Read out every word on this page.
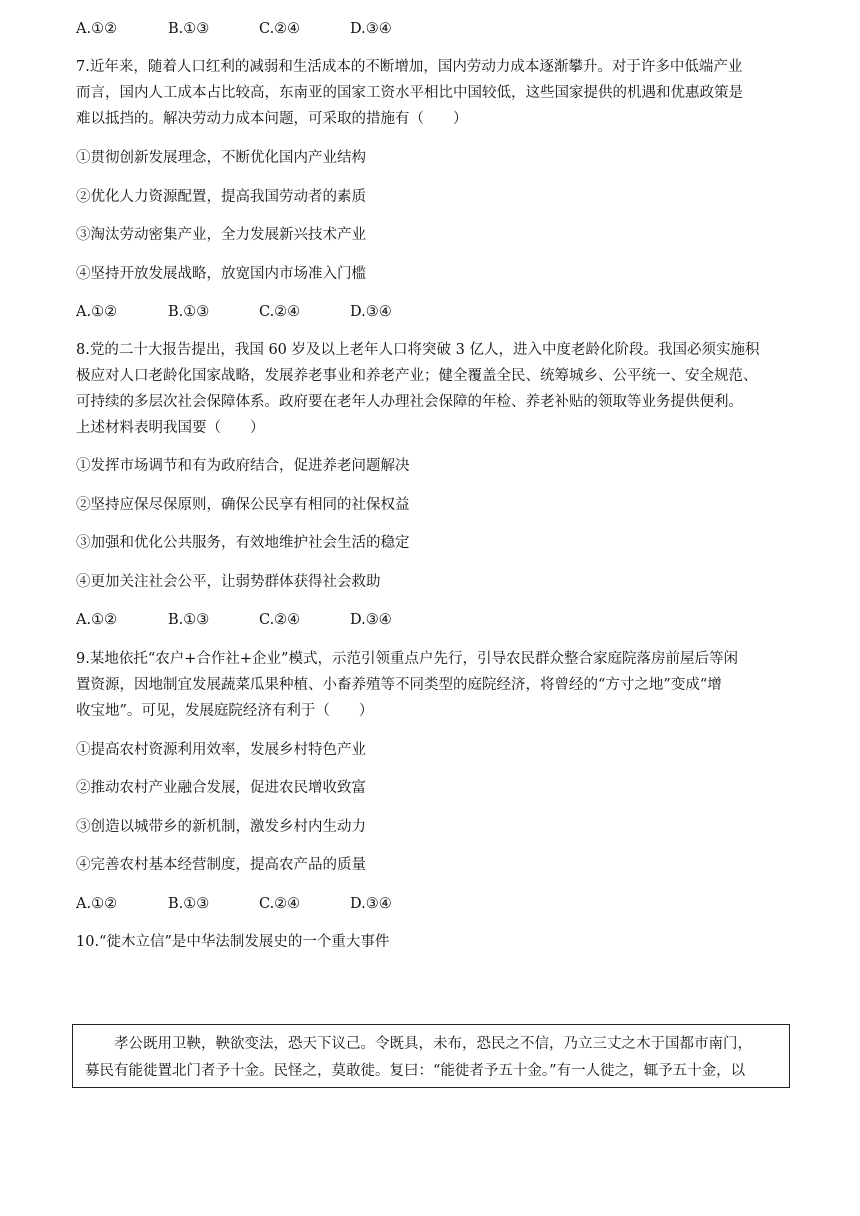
A.①②	B.①③	C.②④	D.③④
7.近年来，随着人口红利的减弱和生活成本的不断增加，国内劳动力成本逐渐攀升。对于许多中低端产业
而言，国内人工成本占比较高，东南亚的国家工资水平相比中国较低，这些国家提供的机遇和优惠政策是
难以抵挡的。解决劳动力成本问题，可采取的措施有（　　）
①贯彻创新发展理念，不断优化国内产业结构
②优化人力资源配置，提高我国劳动者的素质
③淘汰劳动密集产业，全力发展新兴技术产业
④坚持开放发展战略，放宽国内市场准入门槛
A.①②	B.①③	C.②④	D.③④
8.党的二十大报告提出，我国 60 岁及以上老年人口将突破 3 亿人，进入中度老龄化阶段。我国必须实施积
极应对人口老龄化国家战略，发展养老事业和养老产业；健全覆盖全民、统筹城乡、公平统一、安全规范、
可持续的多层次社会保障体系。政府要在老年人办理社会保障的年检、养老补贴的领取等业务提供便利。
上述材料表明我国要（　　）
①发挥市场调节和有为政府结合，促进养老问题解决
②坚持应保尽保原则，确保公民享有相同的社保权益
③加强和优化公共服务，有效地维护社会生活的稳定
④更加关注社会公平，让弱势群体获得社会救助
A.①②	B.①③	C.②④	D.③④
9.某地依托“农户+合作社+企业”模式，示范引领重点户先行，引导农民群众整合家庭院落房前屋后等闲
置资源，因地制宜发展蔬菜瓜果种植、小畜养殖等不同类型的庭院经济，将曾经的“方寸之地”变成“增
收宝地”。可见，发展庭院经济有利于（　　）
①提高农村资源利用效率，发展乡村特色产业
②推动农村产业融合发展，促进农民增收致富
③创造以城带乡的新机制，激发乡村内生动力
④完善农村基本经营制度，提高农产品的质量
A.①②	B.①③	C.②④	D.③④
10.“徙木立信”是中华法制发展史的一个重大事件
　　孝公既用卫鞅，鞅欲变法，恐天下议己。令既具，未布，恐民之不信，乃立三丈之木于国都市南门，
募民有能徙置北门者予十金。民怪之，莫敢徙。复曰：“能徙者予五十金。”有一人徙之，辄予五十金，以
